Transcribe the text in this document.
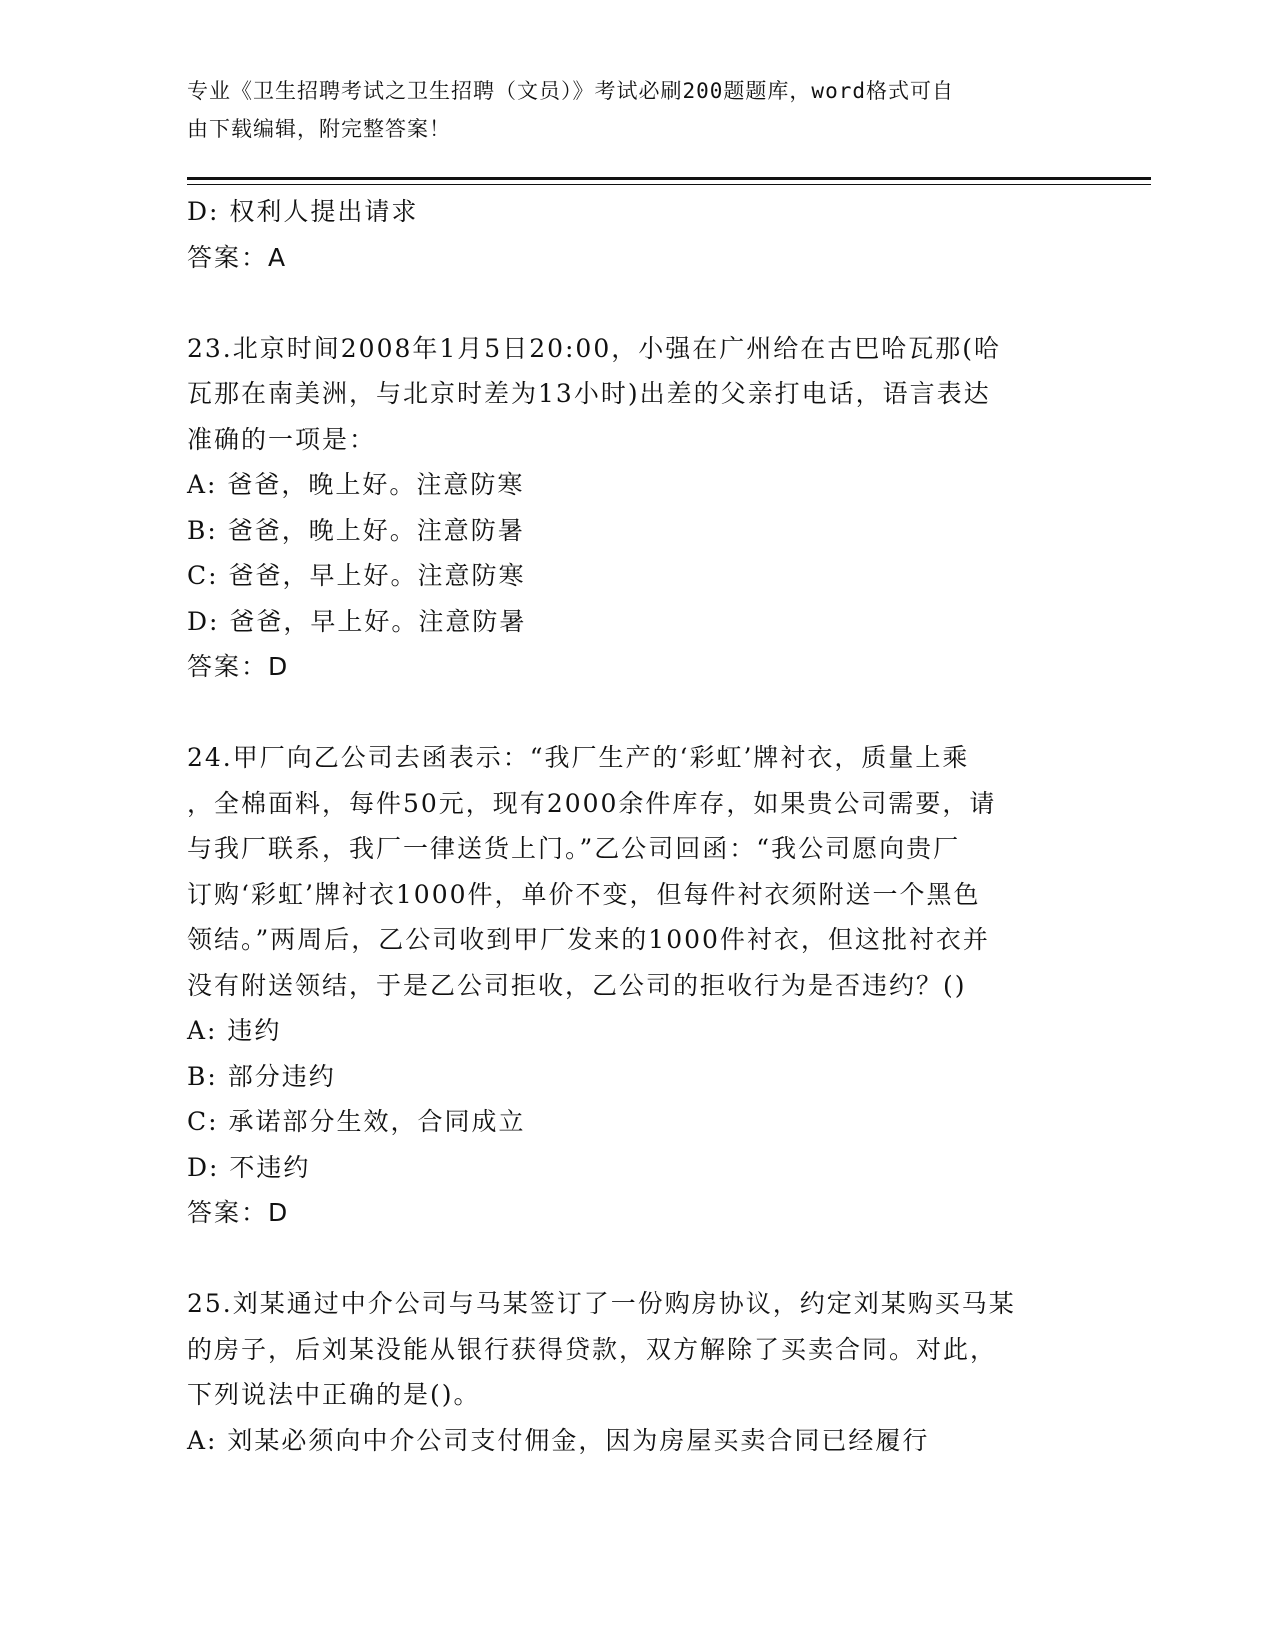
专业《卫生招聘考试之卫生招聘（文员）》考试必刷200题题库，word格式可自
由下载编辑，附完整答案！
D: 权利人提出请求
答案：A
23.北京时间2008年1月5日20:00，小强在广州给在古巴哈瓦那(哈
瓦那在南美洲，与北京时差为13小时)出差的父亲打电话，语言表达
准确的一项是：
A: 爸爸，晚上好。注意防寒
B: 爸爸，晚上好。注意防暑
C: 爸爸，早上好。注意防寒
D: 爸爸，早上好。注意防暑
答案：D
24.甲厂向乙公司去函表示：“我厂生产的‘彩虹’牌衬衣，质量上乘
，全棉面料，每件50元，现有2000余件库存，如果贵公司需要，请
与我厂联系，我厂一律送货上门。”乙公司回函：“我公司愿向贵厂
订购‘彩虹’牌衬衣1000件，单价不变，但每件衬衣须附送一个黑色
领结。”两周后，乙公司收到甲厂发来的1000件衬衣，但这批衬衣并
没有附送领结，于是乙公司拒收，乙公司的拒收行为是否违约？()
A: 违约
B: 部分违约
C: 承诺部分生效，合同成立
D: 不违约
答案：D
25.刘某通过中介公司与马某签订了一份购房协议，约定刘某购买马某
的房子，后刘某没能从银行获得贷款，双方解除了买卖合同。对此，
下列说法中正确的是()。
A: 刘某必须向中介公司支付佣金，因为房屋买卖合同已经履行
